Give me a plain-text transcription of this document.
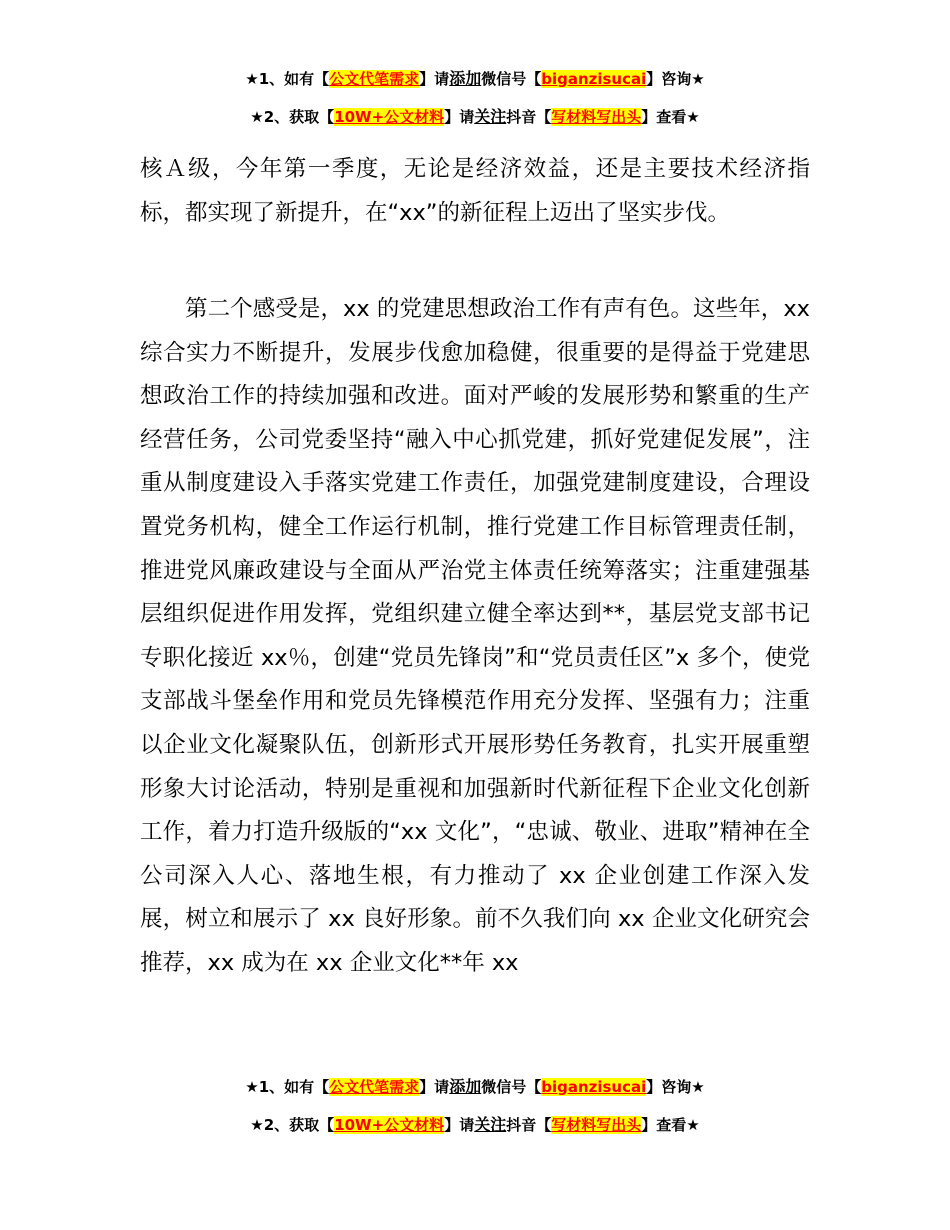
★1、如有【公文代笔需求】请添加微信号【biganzisucai】咨询★
★2、获取【10W+公文材料】请关注抖音【写材料写出头】查看★

核Ａ级，今年第一季度，无论是经济效益，还是主要技术经济指标，都实现了新提升，在“xx”的新征程上迈出了坚实步伐。

第二个感受是，xx 的党建思想政治工作有声有色。这些年，xx 综合实力不断提升，发展步伐愈加稳健，很重要的是得益于党建思想政治工作的持续加强和改进。面对严峻的发展形势和繁重的生产经营任务，公司党委坚持“融入中心抓党建，抓好党建促发展”，注重从制度建设入手落实党建工作责任，加强党建制度建设，合理设置党务机构，健全工作运行机制，推行党建工作目标管理责任制，推进党风廉政建设与全面从严治党主体责任统筹落实；注重建强基层组织促进作用发挥，党组织建立健全率达到**，基层党支部书记专职化接近 xx％，创建“党员先锋岗”和“党员责任区”x 多个，使党支部战斗堡垒作用和党员先锋模范作用充分发挥、坚强有力；注重以企业文化凝聚队伍，创新形式开展形势任务教育，扎实开展重塑形象大讨论活动，特别是重视和加强新时代新征程下企业文化创新工作，着力打造升级版的“xx 文化”，“忠诚、敬业、进取”精神在全公司深入人心、落地生根，有力推动了 xx 企业创建工作深入发展，树立和展示了 xx 良好形象。前不久我们向 xx 企业文化研究会推荐，xx 成为在 xx 企业文化**年 xx

★1、如有【公文代笔需求】请添加微信号【biganzisucai】咨询★
★2、获取【10W+公文材料】请关注抖音【写材料写出头】查看★
